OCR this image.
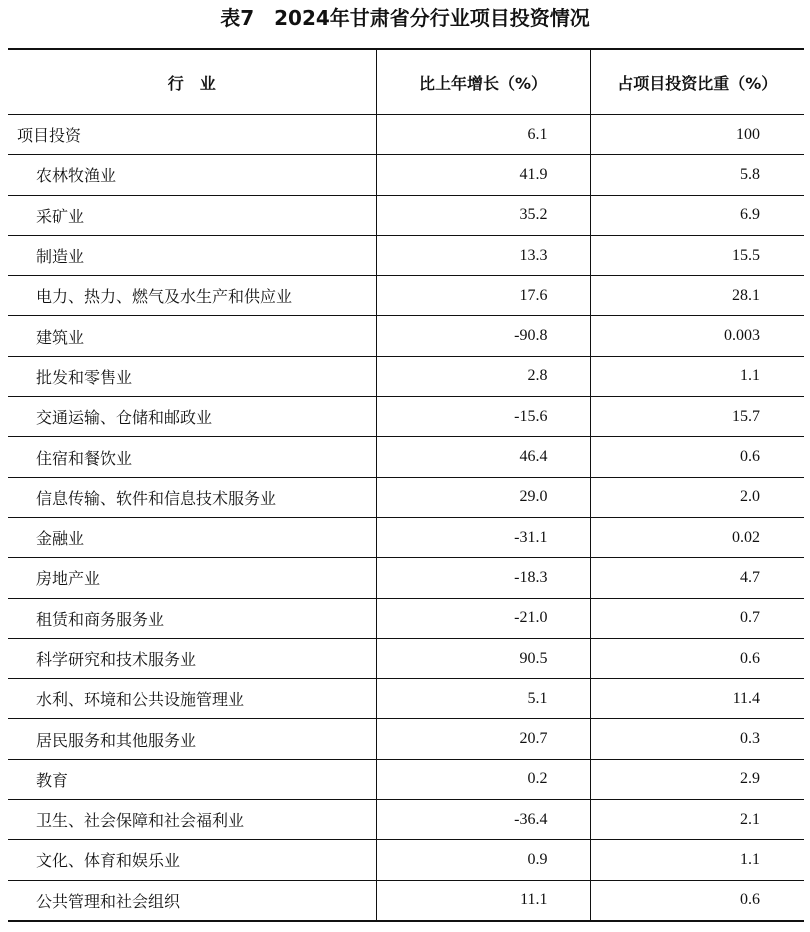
表7　2024年甘肃省分行业项目投资情况
行　业	比上年增长（%）	占项目投资比重（%）
项目投资	6.1	100
农林牧渔业	41.9	5.8
采矿业	35.2	6.9
制造业	13.3	15.5
电力、热力、燃气及水生产和供应业	17.6	28.1
建筑业	-90.8	0.003
批发和零售业	2.8	1.1
交通运输、仓储和邮政业	-15.6	15.7
住宿和餐饮业	46.4	0.6
信息传输、软件和信息技术服务业	29.0	2.0
金融业	-31.1	0.02
房地产业	-18.3	4.7
租赁和商务服务业	-21.0	0.7
科学研究和技术服务业	90.5	0.6
水利、环境和公共设施管理业	5.1	11.4
居民服务和其他服务业	20.7	0.3
教育	0.2	2.9
卫生、社会保障和社会福利业	-36.4	2.1
文化、体育和娱乐业	0.9	1.1
公共管理和社会组织	11.1	0.6
